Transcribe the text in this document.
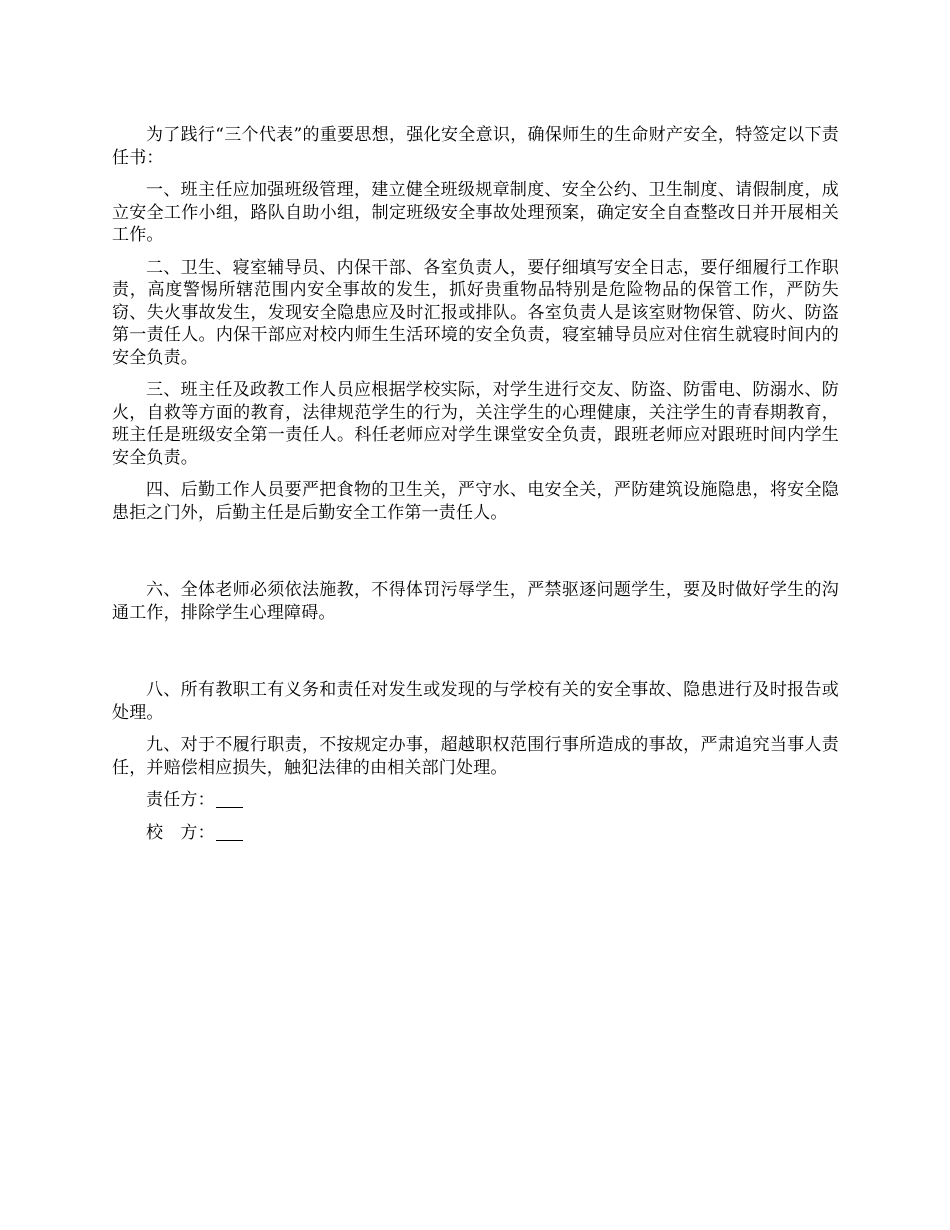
为了践行“三个代表”的重要思想，强化安全意识，确保师生的生命财产安全，特签定以下责任书：

一、班主任应加强班级管理，建立健全班级规章制度、安全公约、卫生制度、请假制度，成立安全工作小组，路队自助小组，制定班级安全事故处理预案，确定安全自查整改日并开展相关工作。

二、卫生、寝室辅导员、内保干部、各室负责人，要仔细填写安全日志，要仔细履行工作职责，高度警惕所辖范围内安全事故的发生，抓好贵重物品特别是危险物品的保管工作，严防失窃、失火事故发生，发现安全隐患应及时汇报或排队。各室负责人是该室财物保管、防火、防盗第一责任人。内保干部应对校内师生生活环境的安全负责，寝室辅导员应对住宿生就寝时间内的安全负责。

三、班主任及政教工作人员应根据学校实际，对学生进行交友、防盗、防雷电、防溺水、防火，自救等方面的教育，法律规范学生的行为，关注学生的心理健康，关注学生的青春期教育，班主任是班级安全第一责任人。科任老师应对学生课堂安全负责，跟班老师应对跟班时间内学生安全负责。

四、后勤工作人员要严把食物的卫生关，严守水、电安全关，严防建筑设施隐患，将安全隐患拒之门外，后勤主任是后勤安全工作第一责任人。

六、全体老师必须依法施教，不得体罚污辱学生，严禁驱逐问题学生，要及时做好学生的沟通工作，排除学生心理障碍。

八、所有教职工有义务和责任对发生或发现的与学校有关的安全事故、隐患进行及时报告或处理。

九、对于不履行职责，不按规定办事，超越职权范围行事所造成的事故，严肃追究当事人责任，并赔偿相应损失，触犯法律的由相关部门处理。

责任方：

校　方：
